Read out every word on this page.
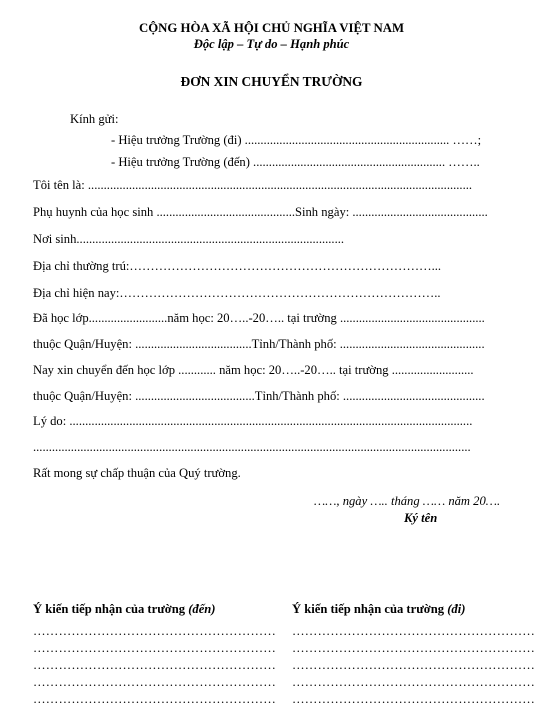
CỘNG HÒA XÃ HỘI CHỦ NGHĨA VIỆT NAM
Độc lập – Tự do – Hạnh phúc
ĐƠN XIN CHUYỂN TRƯỜNG
Kính gửi:
- Hiệu trưởng Trường (đi) ................................................................. ……;
- Hiệu trưởng Trường (đến) ............................................................. ……..
Tôi tên là: ..........................................................................................................................
Phụ huynh của học sinh ............................................Sinh ngày: ...........................................
Nơi sinh.....................................................................................
Địa chỉ thường trú:………………………………………………………………...
Địa chỉ hiện nay:…………………………………………………………………..
Đã học lớp.........................năm học: 20…..-20….. tại trường ..............................................
thuộc Quận/Huyện: .....................................Tỉnh/Thành phố: ..............................................
Nay xin chuyển đến học lớp ............ năm học: 20…..-20….. tại trường ..........................
thuộc Quận/Huyện: ......................................Tỉnh/Thành phố: .............................................
Lý do: ................................................................................................................................
...........................................................................................................................................
Rất mong sự chấp thuận của Quý trường.
……, ngày ….. tháng …… năm 20….
Ký tên
Ý kiến tiếp nhận của trường (đến)	Ý kiến tiếp nhận của trường (đi)
…………………………………………………
…………………………………………………
…………………………………………………
…………………………………………………
…………………………………………………
…………………………………………………
…………………………………………………
…………………………………………………
…………………………………………………
…………………………………………………
